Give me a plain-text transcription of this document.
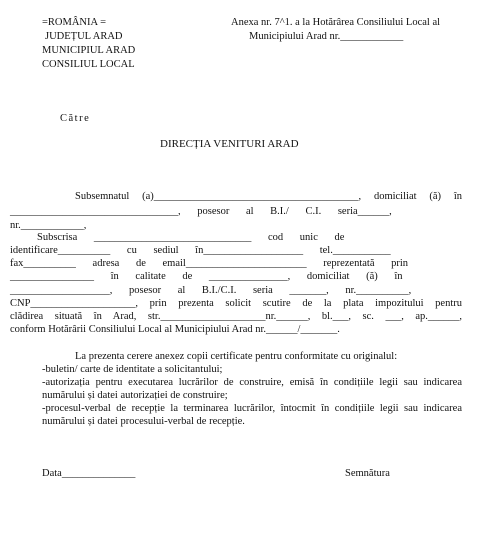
=ROMÂNIA =
JUDEȚUL ARAD
MUNICIPIUL ARAD
CONSILIUL LOCAL
Anexa nr. 7^1. a la Hotărârea Consiliului Local al
Municipiului Arad nr.____________
Către
DIRECȚIA VENITURI ARAD
Subsemnatul (a)_______________________________________, domiciliat (ă) în
________________________________, posesor al B.I./ C.I. seria______,
nr.____________,
Subscrisa ______________________________ cod unic de
identificare__________ cu sediul în___________________ tel.___________
fax__________ adresa de email_______________________ reprezentată prin
________________ în calitate de _______________, domiciliat (ă) în
___________________, posesor al B.I./C.I. seria _______, nr.__________,
CNP____________________, prin prezenta solicit scutire de la plata impozitului pentru
clădirea situată în Arad, str.____________________nr.______, bl.___, sc. ___, ap.______,
conform Hotărârii Consiliului Local al Municipiului Arad nr.______/_______.
La prezenta cerere anexez copii certificate pentru conformitate cu originalul:
-buletin/ carte de identitate a solicitantului;
-autorizația pentru executarea lucrărilor de construire, emisă în condițiile legii sau indicarea
numărului și datei autorizației de construire;
-procesul-verbal de recepție la terminarea lucrărilor, întocmit în condițiile legii sau indicarea
numărului și datei procesului-verbal de recepție.
Data______________	Semnătura
